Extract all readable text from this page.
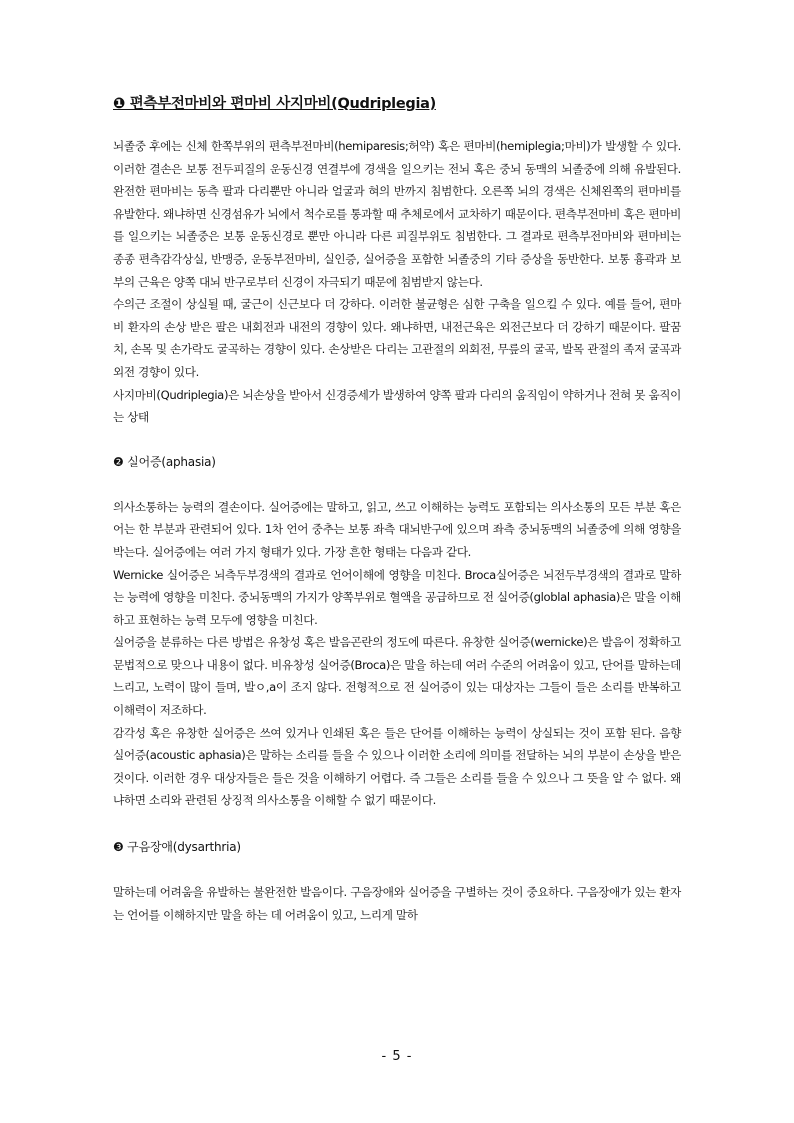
❶ 편측부전마비와 편마비 사지마비(Qudriplegia)

뇌졸중 후에는 신체 한쪽부위의 편측부전마비(hemiparesis;허약) 혹은 편마비(hemiplegia;마비)가 발생할 수 있다. 이러한 결손은 보통 전두피질의 운동신경 연결부에 경색을 일으키는 전뇌 혹은 중뇌 동맥의 뇌졸중에 의해 유발된다. 완전한 편마비는 동측 팔과 다리뿐만 아니라 얼굴과 혀의 반까지 침범한다. 오른쪽 뇌의 경색은 신체왼쪽의 편마비를 유발한다. 왜냐하면 신경섬유가 뇌에서 척수로를 통과할 때 추체로에서 교차하기 때문이다. 편측부전마비 혹은 편마비를 일으키는 뇌졸중은 보통 운동신경로 뿐만 아니라 다른 피질부위도 침범한다. 그 결과로 편측부전마비와 편마비는 종종 편측감각상실, 반맹증, 운동부전마비, 실인증, 실어증을 포함한 뇌졸중의 기타 증상을 동반한다. 보통 흉곽과 보부의 근육은 양쪽 대뇌 반구로부터 신경이 자극되기 때문에 침범받지 않는다.

수의근 조절이 상실될 때, 굴근이 신근보다 더 강하다. 이러한 불균형은 심한 구축을 일으킬 수 있다. 예를 들어, 편마비 환자의 손상 받은 팔은 내회전과 내전의 경향이 있다. 왜냐하면, 내전근육은 외전근보다 더 강하기 때문이다. 팔꿈치, 손목 및 손가락도 굴곡하는 경향이 있다. 손상받은 다리는 고관절의 외회전, 무릎의 굴곡, 발목 관절의 족저 굴곡과 외전 경향이 있다.

사지마비(Qudriplegia)은 뇌손상을 받아서 신경증세가 발생하여 양쪽 팔과 다리의 움직임이 약하거나 전혀 못 움직이는 상태

❷ 실어증(aphasia)

의사소통하는 능력의 결손이다. 실어증에는 말하고, 읽고, 쓰고 이해하는 능력도 포함되는 의사소통의 모든 부분 혹은 어는 한 부분과 관련되어 있다. 1차 언어 중추는 보통 좌측 대뇌반구에 있으며 좌측 중뇌동맥의 뇌졸중에 의해 영향을 박는다. 실어증에는 여러 가지 형태가 있다. 가장 흔한 형태는 다음과 같다.

Wernicke 실어증은 뇌측두부경색의 결과로 언어이해에 영향을 미친다. Broca실어증은 뇌전두부경색의 결과로 말하는 능력에 영향을 미친다. 중뇌동맥의 가지가 양쪽부위로 혈액을 공급하므로 전 실어증(globlal aphasia)은 말을 이해하고 표현하는 능력 모두에 영향을 미친다.

실어증을 분류하는 다른 방법은 유창성 혹은 발음곤란의 정도에 따른다. 유창한 실어증(wernicke)은 발음이 정확하고 문법적으로 맞으나 내용이 없다. 비유창성 실어증(Broca)은 말을 하는데 여러 수준의 어려움이 있고, 단어를 말하는데 느리고, 노력이 많이 들며, 발ㅇ,a이 조지 않다. 전형적으로 전 실어증이 있는 대상자는 그들이 들은 소리를 반복하고 이해력이 저조하다.

감각성 혹은 유창한 실어증은 쓰여 있거나 인쇄된 혹은 들은 단어를 이해하는 능력이 상실되는 것이 포함 된다. 음향 실어증(acoustic aphasia)은 말하는 소리를 들을 수 있으나 이러한 소리에 의미를 전달하는 뇌의 부분이 손상을 받은 것이다. 이러한 경우 대상자들은 들은 것을 이해하기 어렵다. 즉 그들은 소리를 들을 수 있으나 그 뜻을 알 수 없다. 왜냐하면 소리와 관련된 상징적 의사소통을 이해할 수 없기 때문이다.

❸ 구음장애(dysarthria)

말하는데 어려움을 유발하는 불완전한 발음이다. 구음장애와 실어증을 구별하는 것이 중요하다. 구음장애가 있는 환자는 언어를 이해하지만 말을 하는 데 어려움이 있고, 느리게 말하

- 5 -
